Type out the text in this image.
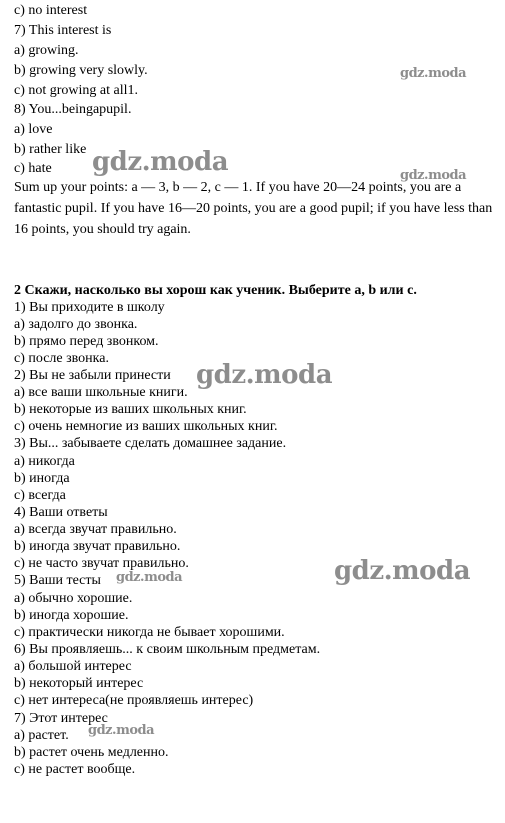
c) no interest
7) This interest is
a) growing.
b) growing very slowly.
c) not growing at all1.
8) You...beingapupil.
a) love
b) rather like
c) hate
Sum up your points: a — 3, b — 2, c — 1. If you have 20—24 points, you are a fantastic pupil. If you have 16—20 points, you are a good pupil; if you have less than 16 points, you should try again.
2 Скажи, насколько вы хорош как ученик. Выберите a, b или c.
1) Вы приходите в школу
a) задолго до звонка.
b) прямо перед звонком.
c) после звонка.
2) Вы не забыли принести
a) все ваши школьные книги.
b) некоторые из ваших школьных книг.
c) очень немногие из ваших школьных книг.
3) Вы... забываете сделать домашнее задание.
a) никогда
b) иногда
c) всегда
4) Ваши ответы
a) всегда звучат правильно.
b) иногда звучат правильно.
c) не часто звучат правильно.
5) Ваши тесты
a) обычно хорошие.
b) иногда хорошие.
c) практически никогда не бывает хорошими.
6) Вы проявляешь... к своим школьным предметам.
a) большой интерес
b) некоторый интерес
c) нет интереса(не проявляешь интерес)
7) Этот интерес
a) растет.
b) растет очень медленно.
c) не растет вообще.
gdz.moda
gdz.moda	gdz.moda
gdz.moda
gdz.moda
gdz.moda
gdz.moda
